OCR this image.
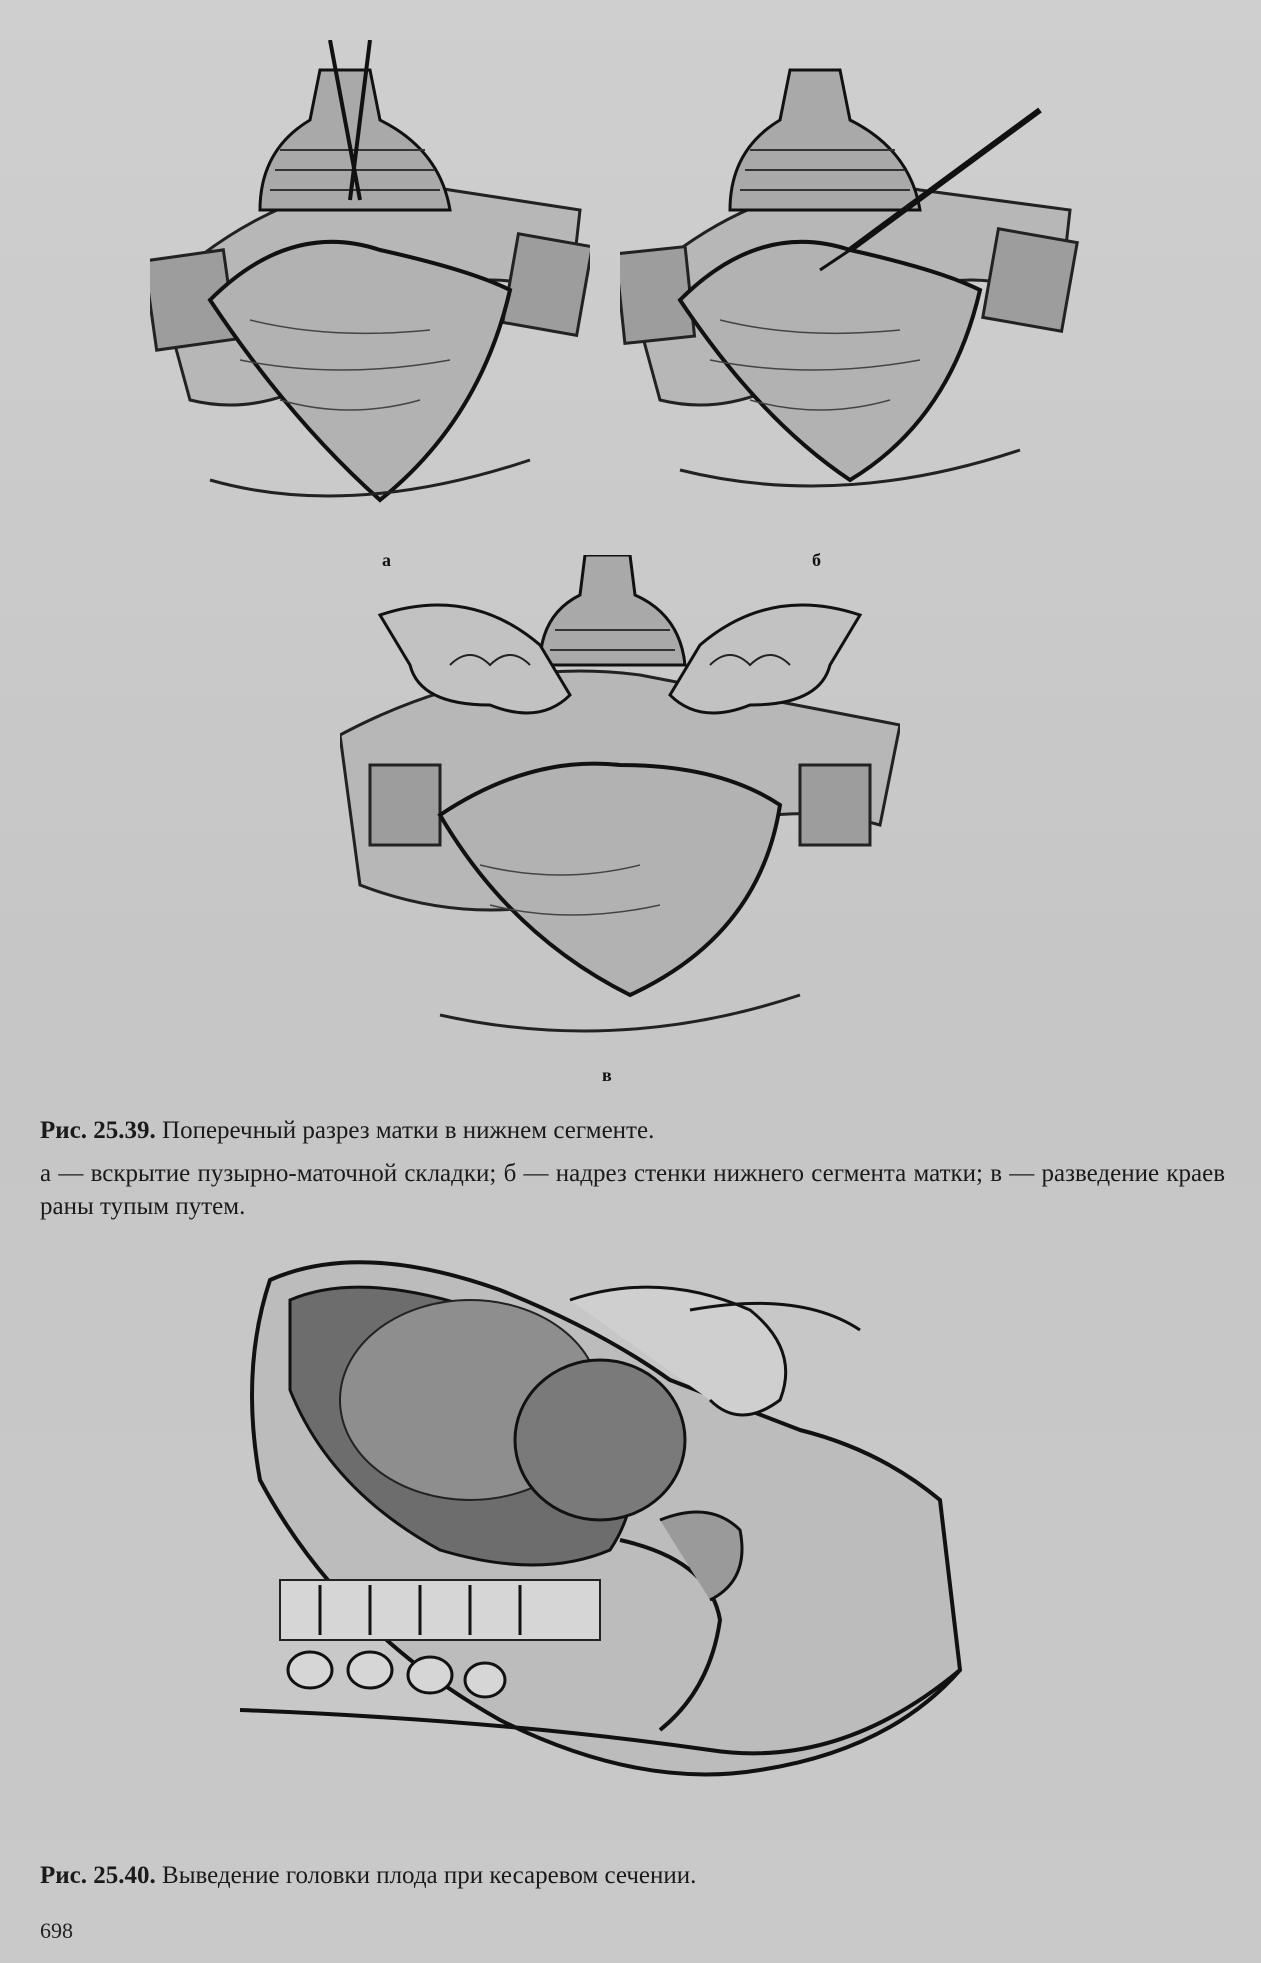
а	б
в
Рис. 25.39. Поперечный разрез матки в нижнем сегменте.
а — вскрытие пузырно-маточной складки; б — надрез стенки нижнего сегмента матки; в — разведение краев раны тупым путем.
Рис. 25.40. Выведение головки плода при кесаревом сечении.
698
